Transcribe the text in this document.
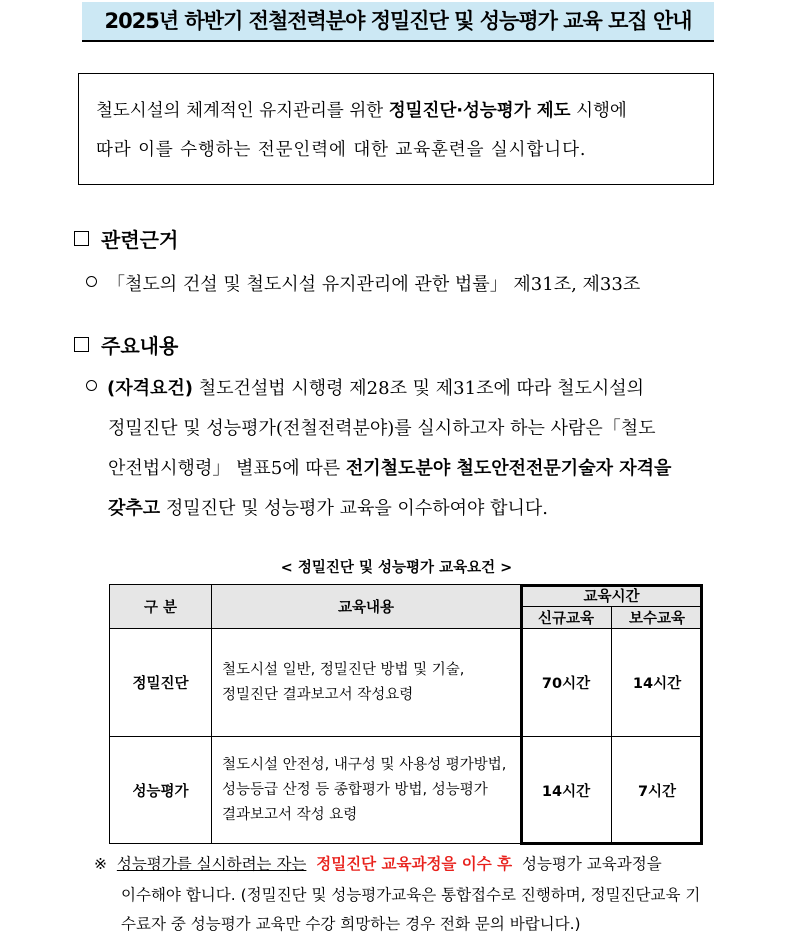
2025년 하반기 전철전력분야 정밀진단 및 성능평가 교육 모집 안내
철도시설의 체계적인 유지관리를 위한 정밀진단·성능평가 제도 시행에
따라 이를 수행하는 전문인력에 대한 교육훈련을 실시합니다.
관련근거
「철도의 건설 및 철도시설 유지관리에 관한 법률」 제31조, 제33조
주요내용
(자격요건) 철도건설법 시행령 제28조 및 제31조에 따라 철도시설의
정밀진단 및 성능평가(전철전력분야)를 실시하고자 하는 사람은「철도
안전법시행령」 별표5에 따른 전기철도분야 철도안전전문기술자 자격을
갖추고 정밀진단 및 성능평가 교육을 이수하여야 합니다.
< 정밀진단 및 성능평가 교육요건 >
구 분	교육내용	교육시간	
		신규교육	보수교육
정밀진단	철도시설 일반, 정밀진단 방법 및 기술,
정밀진단 결과보고서 작성요령	70시간	14시간
성능평가	철도시설 안전성, 내구성 및 사용성 평가방법,
성능등급 산정 등 종합평가 방법, 성능평가
결과보고서 작성 요령	14시간	7시간
※ 성능평가를 실시하려는 자는 정밀진단 교육과정을 이수 후 성능평가 교육과정을
이수해야 합니다. (정밀진단 및 성능평가교육은 통합접수로 진행하며, 정밀진단교육 기
수료자 중 성능평가 교육만 수강 희망하는 경우 전화 문의 바랍니다.)
